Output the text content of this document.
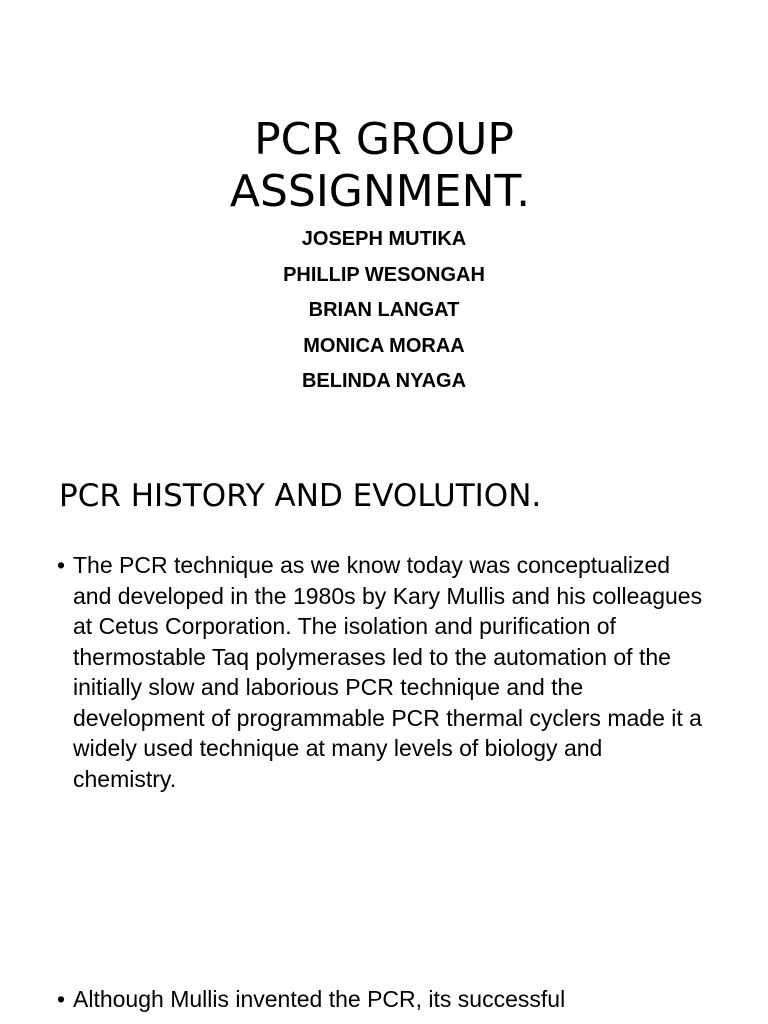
PCR GROUP
ASSIGNMENT.
JOSEPH MUTIKA
PHILLIP WESONGAH
BRIAN LANGAT
MONICA MORAA
BELINDA NYAGA
PCR HISTORY AND EVOLUTION.
• The PCR technique as we know today was conceptualized and developed in the 1980s by Kary Mullis and his colleagues at Cetus Corporation. The isolation and purification of thermostable Taq polymerases led to the automation of the initially slow and laborious PCR technique and the development of programmable PCR thermal cyclers made it a widely used technique at many levels of biology and chemistry.
• Although Mullis invented the PCR, its successful
